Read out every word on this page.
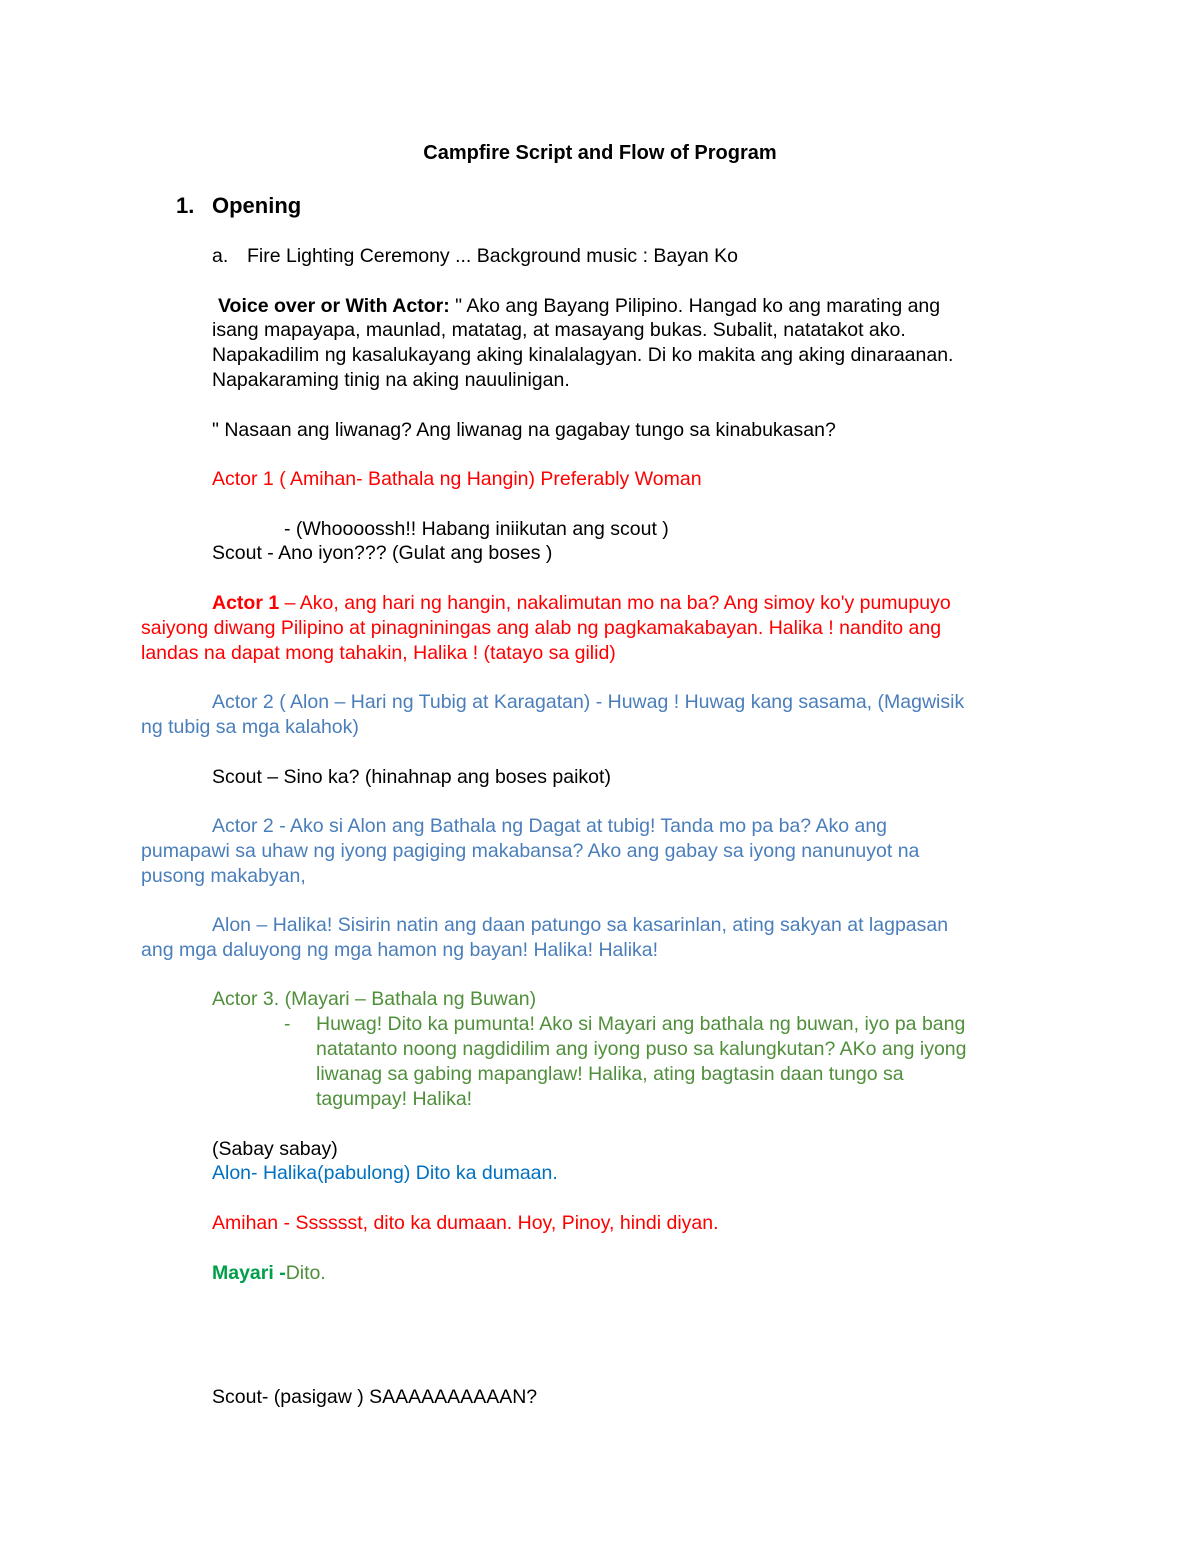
Campfire Script and Flow of Program
1. Opening
a. Fire Lighting Ceremony ... Background music : Bayan Ko
Voice over or With Actor: " Ako ang Bayang Pilipino. Hangad ko ang marating ang
isang mapayapa, maunlad, matatag, at masayang bukas. Subalit, natatakot ako.
Napakadilim ng kasalukayang aking kinalalagyan. Di ko makita ang aking dinaraanan.
Napakaraming tinig na aking nauulinigan.
" Nasaan ang liwanag? Ang liwanag na gagabay tungo sa kinabukasan?
Actor 1 ( Amihan- Bathala ng Hangin) Preferably Woman
- (Whoooossh!! Habang iniikutan ang scout )
Scout - Ano iyon??? (Gulat ang boses )
Actor 1 – Ako, ang hari ng hangin, nakalimutan mo na ba? Ang simoy ko'y pumupuyo
saiyong diwang Pilipino at pinagniningas ang alab ng pagkamakabayan. Halika ! nandito ang
landas na dapat mong tahakin, Halika ! (tatayo sa gilid)
Actor 2 ( Alon – Hari ng Tubig at Karagatan) - Huwag ! Huwag kang sasama, (Magwisik
ng tubig sa mga kalahok)
Scout – Sino ka? (hinahnap ang boses paikot)
Actor 2 - Ako si Alon ang Bathala ng Dagat at tubig! Tanda mo pa ba? Ako ang
pumapawi sa uhaw ng iyong pagiging makabansa? Ako ang gabay sa iyong nanunuyot na
pusong makabyan,
Alon – Halika! Sisirin natin ang daan patungo sa kasarinlan, ating sakyan at lagpasan
ang mga daluyong ng mga hamon ng bayan! Halika! Halika!
Actor 3. (Mayari – Bathala ng Buwan)
- Huwag! Dito ka pumunta! Ako si Mayari ang bathala ng buwan, iyo pa bang
natatanto noong nagdidilim ang iyong puso sa kalungkutan? AKo ang iyong
liwanag sa gabing mapanglaw! Halika, ating bagtasin daan tungo sa
tagumpay! Halika!
(Sabay sabay)
Alon- Halika(pabulong) Dito ka dumaan.
Amihan - Sssssst, dito ka dumaan. Hoy, Pinoy, hindi diyan.
Mayari -Dito.
Scout- (pasigaw ) SAAAAAAAAAAN?
